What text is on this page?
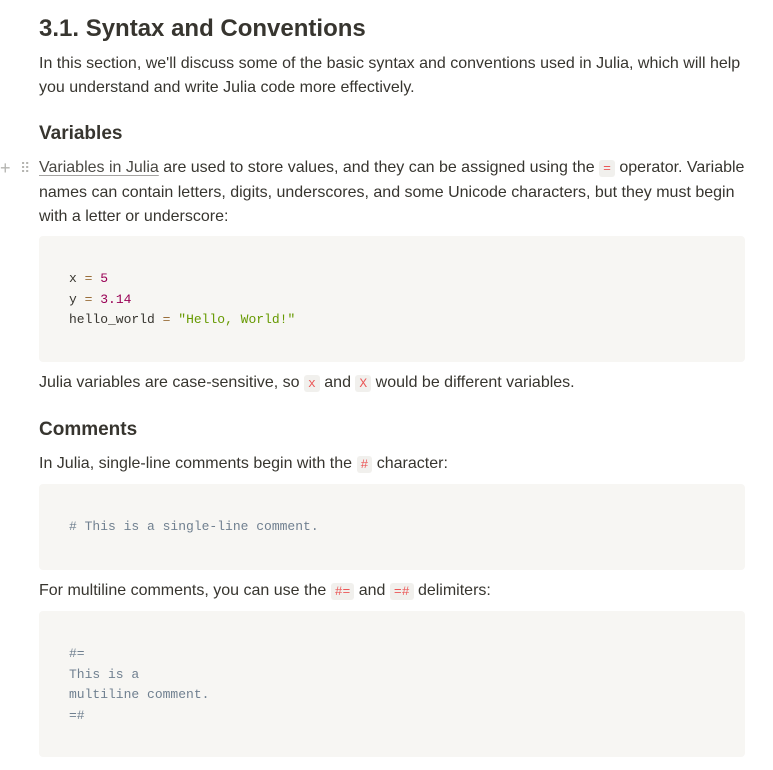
+ ⠿
3.1. Syntax and Conventions

In this section, we'll discuss some of the basic syntax and conventions used in Julia, which will help you understand and write Julia code more effectively.

Variables

Variables in Julia are used to store values, and they can be assigned using the = operator. Variable names can contain letters, digits, underscores, and some Unicode characters, but they must begin with a letter or underscore:

x = 5
y = 3.14
hello_world = "Hello, World!"

Julia variables are case-sensitive, so x and X would be different variables.

Comments

In Julia, single-line comments begin with the # character:

# This is a single-line comment.

For multiline comments, you can use the #= and =# delimiters:

#=
This is a
multiline comment.
=#
